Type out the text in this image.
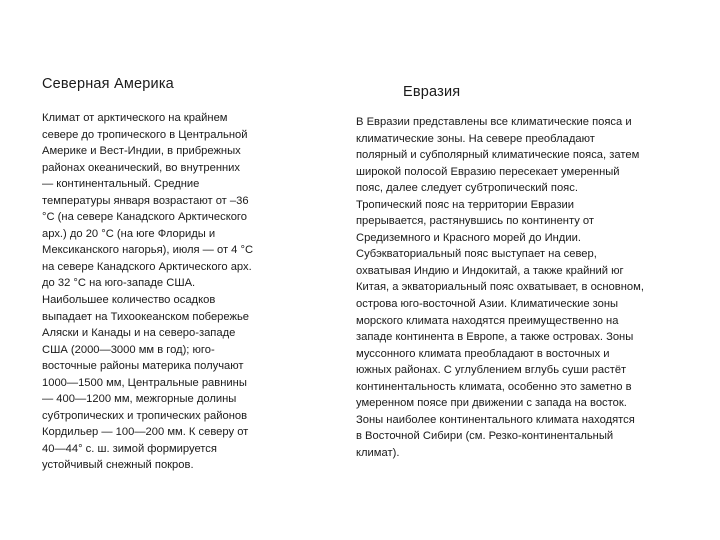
Северная Америка
Климат от арктического на крайнем
севере до тропического в Центральной
Америке и Вест-Индии, в прибрежных
районах океанический, во внутренних
— континентальный. Средние
температуры января возрастают от –36
°C (на севере Канадского Арктического
арх.) до 20 °C (на юге Флориды и
Мексиканского нагорья), июля — от 4 °C
на севере Канадского Арктического арх.
до 32 °C на юго-западе США.
Наибольшее количество осадков
выпадает на Тихоокеанском побережье
Аляски и Канады и на северо-западе
США (2000—3000 мм в год); юго-
восточные районы материка получают
1000—1500 мм, Центральные равнины
— 400—1200 мм, межгорные долины
субтропических и тропических районов
Кордильер — 100—200 мм. К северу от
40—44° с. ш. зимой формируется
устойчивый снежный покров.
Евразия
В Евразии представлены все климатические пояса и
климатические зоны. На севере преобладают
полярный и субполярный климатические пояса, затем
широкой полосой Евразию пересекает умеренный
пояс, далее следует субтропический пояс.
Тропический пояс на территории Евразии
прерывается, растянувшись по континенту от
Средиземного и Красного морей до Индии.
Субэкваториальный пояс выступает на север,
охватывая Индию и Индокитай, а также крайний юг
Китая, а экваториальный пояс охватывает, в основном,
острова юго-восточной Азии. Климатические зоны
морского климата находятся преимущественно на
западе континента в Европе, а также островах. Зоны
муссонного климата преобладают в восточных и
южных районах. С углублением вглубь суши растёт
континентальность климата, особенно это заметно в
умеренном поясе при движении с запада на восток.
Зоны наиболее континентального климата находятся
в Восточной Сибири (см. Резко-континентальный
климат).
